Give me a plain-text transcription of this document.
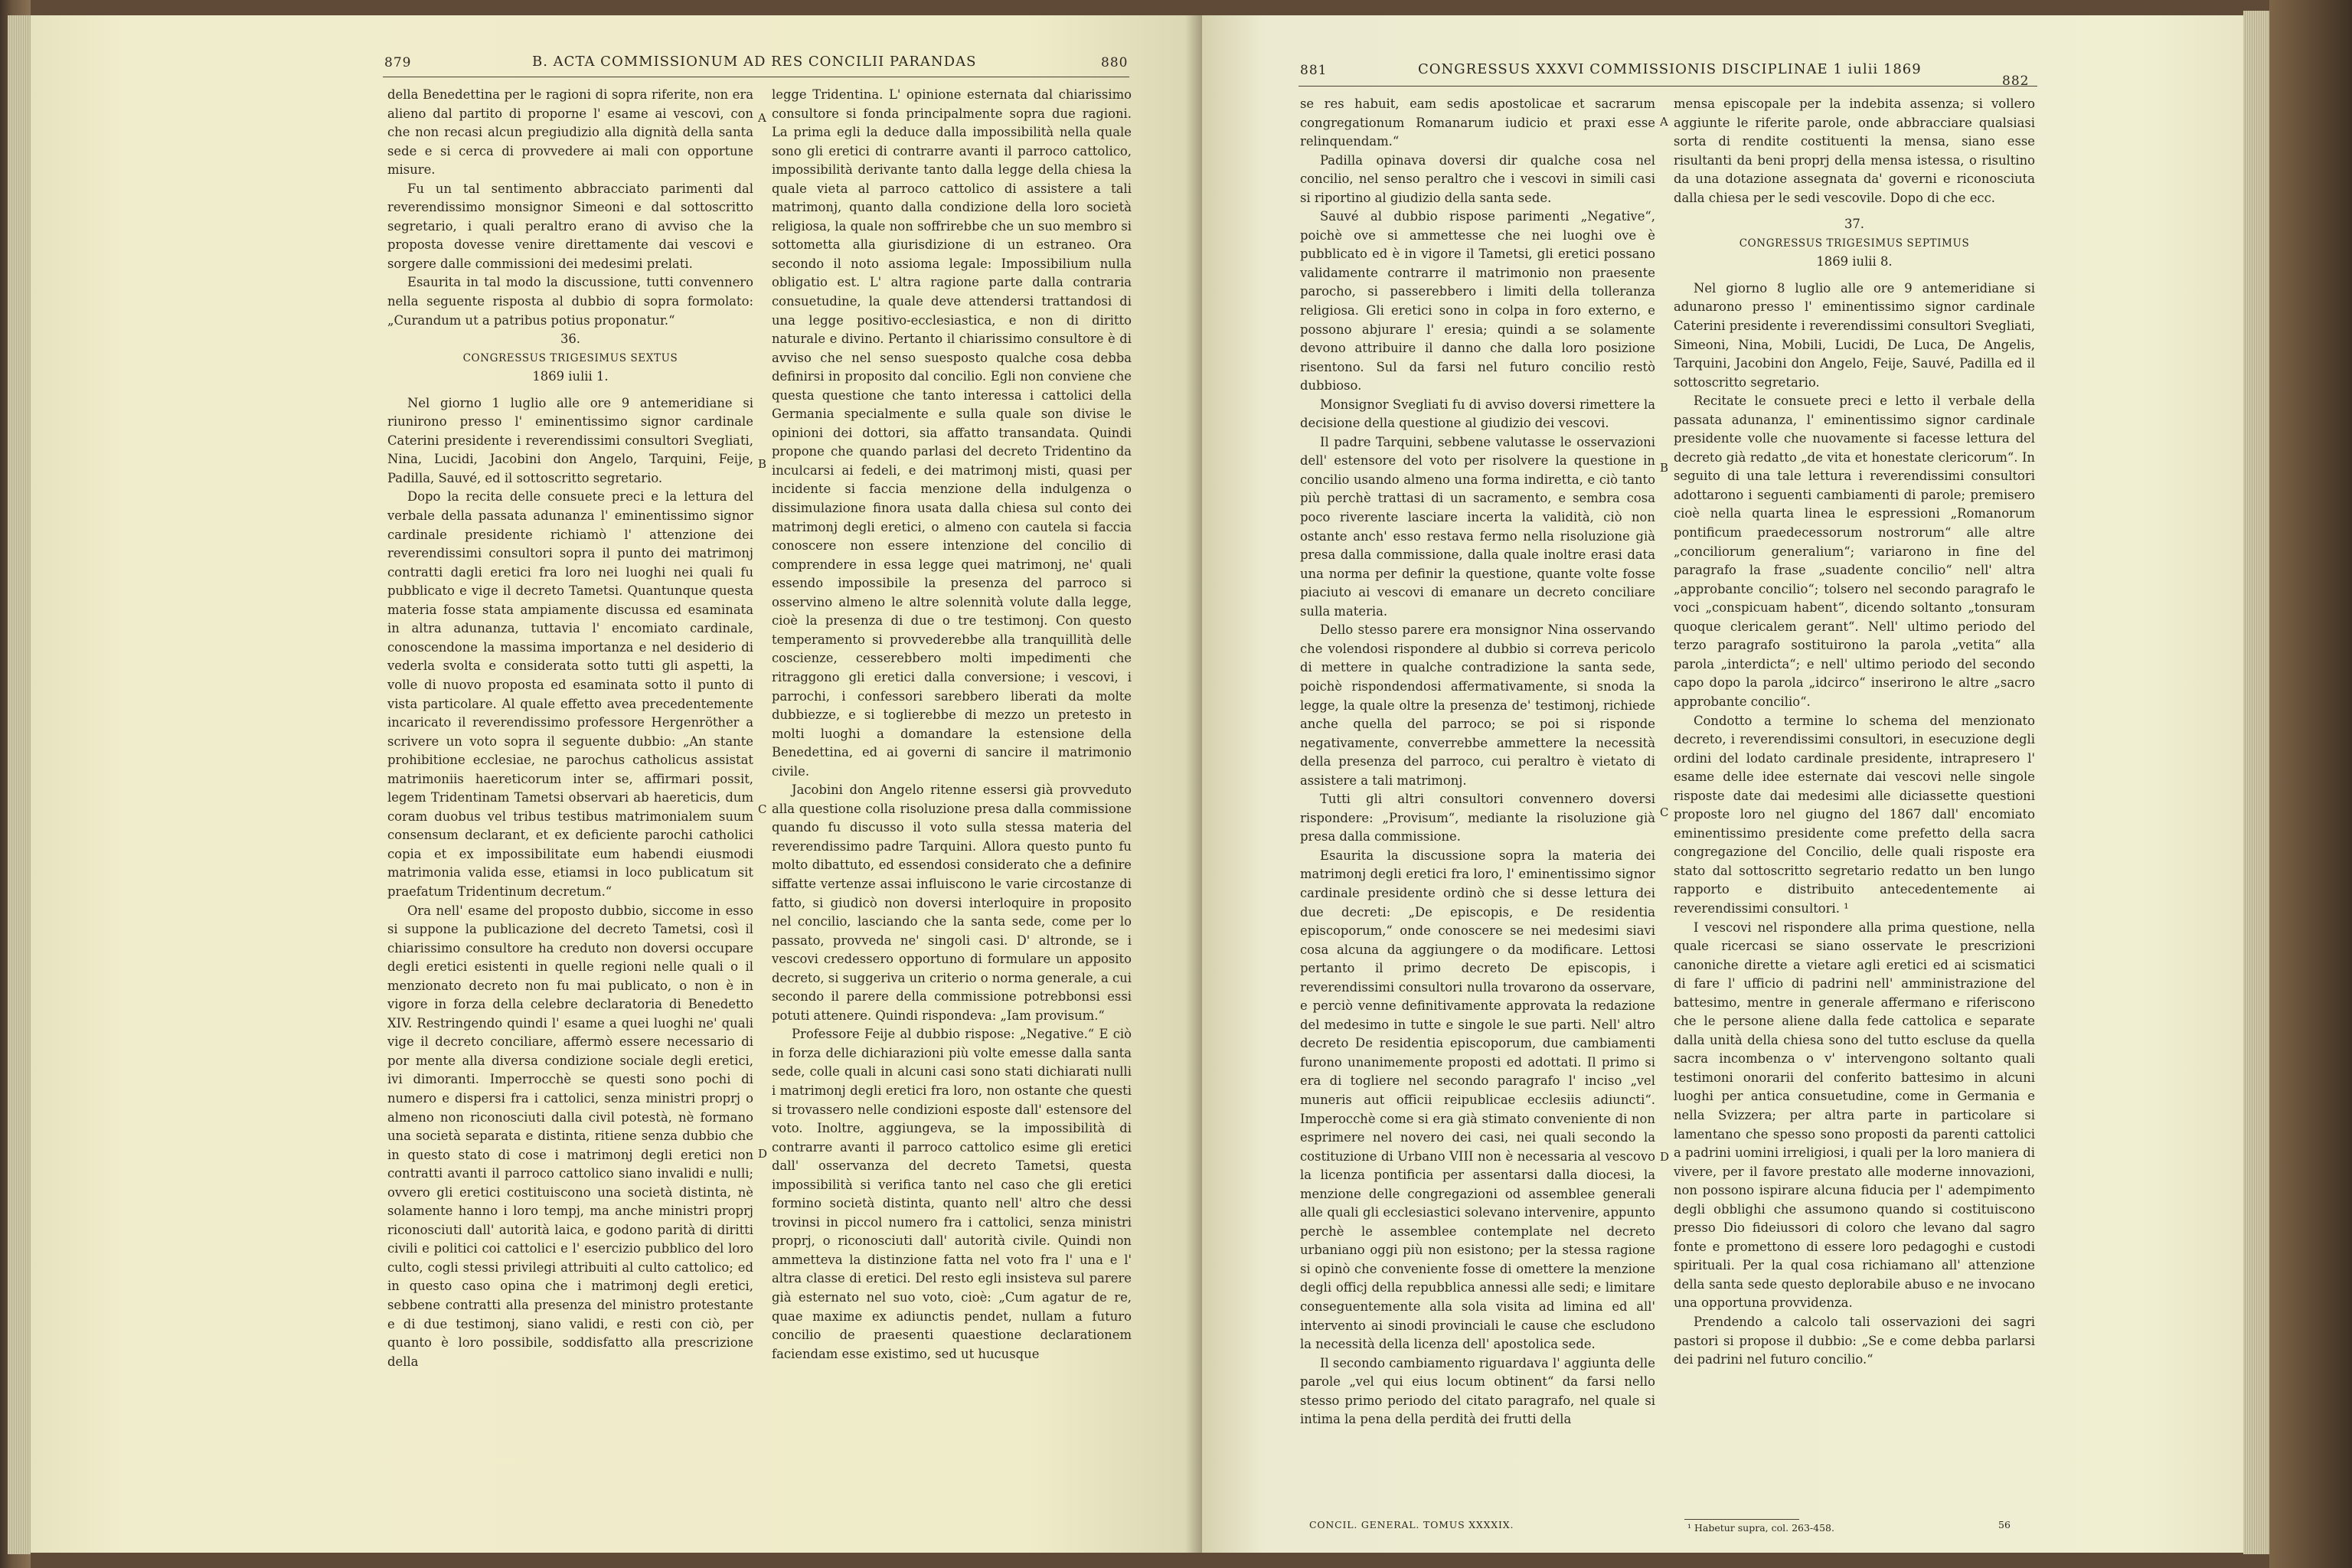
879	B. ACTA COMMISSIONUM AD RES CONCILII PARANDAS	880

della Benedettina per le ragioni di sopra riferite, non era alieno dal partito di proporne l' esame ai vescovi, con che non recasi alcun pregiudizio alla dignità della santa sede e si cerca di provvedere ai mali con opportune misure.

Fu un tal sentimento abbracciato parimenti dal reverendissimo monsignor Simeoni e dal sottoscritto segretario, i quali peraltro erano di avviso che la proposta dovesse venire direttamente dai vescovi e sorgere dalle commissioni dei medesimi prelati.

Esaurita in tal modo la discussione, tutti convennero nella seguente risposta al dubbio di sopra formolato: „Curandum ut a patribus potius proponatur.“

36.
CONGRESSUS TRIGESIMUS SEXTUS
1869 iulii 1.

Nel giorno 1 luglio alle ore 9 antemeridiane si riunirono presso l' eminentissimo signor cardinale Caterini presidente i reverendissimi consultori Svegliati, Nina, Lucidi, Jacobini don Angelo, Tarquini, Feije, Padilla, Sauvé, ed il sottoscritto segretario.

Dopo la recita delle consuete preci e la lettura del verbale della passata adunanza l' eminentissimo signor cardinale presidente richiamò l' attenzione dei reverendissimi consultori sopra il punto dei matrimonj contratti dagli eretici fra loro nei luoghi nei quali fu pubblicato e vige il decreto Tametsi. Quantunque questa materia fosse stata ampiamente discussa ed esaminata in altra adunanza, tuttavia l' encomiato cardinale, conoscendone la massima importanza e nel desiderio di vederla svolta e considerata sotto tutti gli aspetti, la volle di nuovo proposta ed esaminata sotto il punto di vista particolare. Al quale effetto avea precedentemente incaricato il reverendissimo professore Hergenröther a scrivere un voto sopra il seguente dubbio: „An stante prohibitione ecclesiae, ne parochus catholicus assistat matrimoniis haereticorum inter se, affirmari possit, legem Tridentinam Tametsi observari ab haereticis, dum coram duobus vel tribus testibus matrimonialem suum consensum declarant, et ex deficiente parochi catholici copia et ex impossibilitate eum habendi eiusmodi matrimonia valida esse, etiamsi in loco publicatum sit praefatum Tridentinum decretum.“

Ora nell' esame del proposto dubbio, siccome in esso si suppone la publicazione del decreto Tametsi, così il chiarissimo consultore ha creduto non doversi occupare degli eretici esistenti in quelle regioni nelle quali o il menzionato decreto non fu mai publicato, o non è in vigore in forza della celebre declaratoria di Benedetto XIV. Restringendo quindi l' esame a quei luoghi ne' quali vige il decreto conciliare, affermò essere necessario di por mente alla diversa condizione sociale degli eretici, ivi dimoranti. Imperrocchè se questi sono pochi di numero e dispersi fra i cattolici, senza ministri proprj o almeno non riconosciuti dalla civil potestà, nè formano una società separata e distinta, ritiene senza dubbio che in questo stato di cose i matrimonj degli eretici non contratti avanti il parroco cattolico siano invalidi e nulli; ovvero gli eretici costituiscono una società distinta, nè solamente hanno i loro tempj, ma anche ministri proprj riconosciuti dall' autorità laica, e godono parità di diritti civili e politici coi cattolici e l' esercizio pubblico del loro culto, cogli stessi privilegi attribuiti al culto cattolico; ed in questo caso opina che i matrimonj degli eretici, sebbene contratti alla presenza del ministro protestante e di due testimonj, siano validi, e resti con ciò, per quanto è loro possibile, soddisfatto alla prescrizione della

A
B
C
D

legge Tridentina. L' opinione esternata dal chiarissimo consultore si fonda principalmente sopra due ragioni. La prima egli la deduce dalla impossibilità nella quale sono gli eretici di contrarre avanti il parroco cattolico, impossibilità derivante tanto dalla legge della chiesa la quale vieta al parroco cattolico di assistere a tali matrimonj, quanto dalla condizione della loro società religiosa, la quale non soffrirebbe che un suo membro si sottometta alla giurisdizione di un estraneo. Ora secondo il noto assioma legale: Impossibilium nulla obligatio est. L' altra ragione parte dalla contraria consuetudine, la quale deve attendersi trattandosi di una legge positivo-ecclesiastica, e non di diritto naturale e divino. Pertanto il chiarissimo consultore è di avviso che nel senso suesposto qualche cosa debba definirsi in proposito dal concilio. Egli non conviene che questa questione che tanto interessa i cattolici della Germania specialmente e sulla quale son divise le opinioni dei dottori, sia affatto transandata. Quindi propone che quando parlasi del decreto Tridentino da inculcarsi ai fedeli, e dei matrimonj misti, quasi per incidente si faccia menzione della indulgenza o dissimulazione finora usata dalla chiesa sul conto dei matrimonj degli eretici, o almeno con cautela si faccia conoscere non essere intenzione del concilio di comprendere in essa legge quei matrimonj, ne' quali essendo impossibile la presenza del parroco si osservino almeno le altre solennità volute dalla legge, cioè la presenza di due o tre testimonj. Con questo temperamento si provvederebbe alla tranquillità delle coscienze, cesserebbero molti impedimenti che ritraggono gli eretici dalla conversione; i vescovi, i parrochi, i confessori sarebbero liberati da molte dubbiezze, e si toglierebbe di mezzo un pretesto in molti luoghi a domandare la estensione della Benedettina, ed ai governi di sancire il matrimonio civile.

Jacobini don Angelo ritenne essersi già provveduto alla questione colla risoluzione presa dalla commissione quando fu discusso il voto sulla stessa materia del reverendissimo padre Tarquini. Allora questo punto fu molto dibattuto, ed essendosi considerato che a definire siffatte vertenze assai influiscono le varie circostanze di fatto, si giudicò non doversi interloquire in proposito nel concilio, lasciando che la santa sede, come per lo passato, provveda ne' singoli casi. D' altronde, se i vescovi credessero opportuno di formulare un apposito decreto, si suggeriva un criterio o norma generale, a cui secondo il parere della commissione potrebbonsi essi potuti attenere. Quindi rispondeva: „Iam provisum.“

Professore Feije al dubbio rispose: „Negative.“ E ciò in forza delle dichiarazioni più volte emesse dalla santa sede, colle quali in alcuni casi sono stati dichiarati nulli i matrimonj degli eretici fra loro, non ostante che questi si trovassero nelle condizioni esposte dall' estensore del voto. Inoltre, aggiungeva, se la impossibilità di contrarre avanti il parroco cattolico esime gli eretici dall' osservanza del decreto Tametsi, questa impossibilità si verifica tanto nel caso che gli eretici formino società distinta, quanto nell' altro che dessi trovinsi in piccol numero fra i cattolici, senza ministri proprj, o riconosciuti dall' autorità civile. Quindi non ammetteva la distinzione fatta nel voto fra l' una e l' altra classe di eretici. Del resto egli insisteva sul parere già esternato nel suo voto, cioè: „Cum agatur de re, quae maxime ex adiunctis pendet, nullam a futuro concilio de praesenti quaestione declarationem faciendam esse existimo, sed ut hucusque

881	CONGRESSUS XXXVI COMMISSIONIS DISCIPLINAE 1 iulii 1869
882

se res habuit, eam sedis apostolicae et sacrarum congregationum Romanarum iudicio et praxi esse relinquendam.“

Padilla opinava doversi dir qualche cosa nel concilio, nel senso peraltro che i vescovi in simili casi si riportino al giudizio della santa sede.

Sauvé al dubbio rispose parimenti „Negative“, poichè ove si ammettesse che nei luoghi ove è pubblicato ed è in vigore il Tametsi, gli eretici possano validamente contrarre il matrimonio non praesente parocho, si passerebbero i limiti della tolleranza religiosa. Gli eretici sono in colpa in foro externo, e possono abjurare l' eresia; quindi a se solamente devono attribuire il danno che dalla loro posizione risentono. Sul da farsi nel futuro concilio restò dubbioso.

Monsignor Svegliati fu di avviso doversi rimettere la decisione della questione al giudizio dei vescovi.

Il padre Tarquini, sebbene valutasse le osservazioni dell' estensore del voto per risolvere la questione in concilio usando almeno una forma indiretta, e ciò tanto più perchè trattasi di un sacramento, e sembra cosa poco riverente lasciare incerta la validità, ciò non ostante anch' esso restava fermo nella risoluzione già presa dalla commissione, dalla quale inoltre erasi data una norma per definir la questione, quante volte fosse piaciuto ai vescovi di emanare un decreto conciliare sulla materia.

Dello stesso parere era monsignor Nina osservando che volendosi rispondere al dubbio si correva pericolo di mettere in qualche contradizione la santa sede, poichè rispondendosi affermativamente, si snoda la legge, la quale oltre la presenza de' testimonj, richiede anche quella del parroco; se poi si risponde negativamente, converrebbe ammettere la necessità della presenza del parroco, cui peraltro è vietato di assistere a tali matrimonj.

Tutti gli altri consultori convennero doversi rispondere: „Provisum“, mediante la risoluzione già presa dalla commissione.

Esaurita la discussione sopra la materia dei matrimonj degli eretici fra loro, l' eminentissimo signor cardinale presidente ordinò che si desse lettura dei due decreti: „De episcopis, e De residentia episcoporum,“ onde conoscere se nei medesimi siavi cosa alcuna da aggiungere o da modificare. Lettosi pertanto il primo decreto De episcopis, i reverendissimi consultori nulla trovarono da osservare, e perciò venne definitivamente approvata la redazione del medesimo in tutte e singole le sue parti. Nell' altro decreto De residentia episcoporum, due cambiamenti furono unanimemente proposti ed adottati. Il primo si era di togliere nel secondo paragrafo l' inciso „vel muneris aut officii reipublicae ecclesiis adiuncti“. Imperocchè come si era già stimato conveniente di non esprimere nel novero dei casi, nei quali secondo la costituzione di Urbano VIII non è necessaria al vescovo la licenza pontificia per assentarsi dalla diocesi, la menzione delle congregazioni od assemblee generali alle quali gli ecclesiastici solevano intervenire, appunto perchè le assemblee contemplate nel decreto urbaniano oggi più non esistono; per la stessa ragione si opinò che conveniente fosse di omettere la menzione degli officj della repubblica annessi alle sedi; e limitare conseguentemente alla sola visita ad limina ed all' intervento ai sinodi provinciali le cause che escludono la necessità della licenza dell' apostolica sede.

Il secondo cambiamento riguardava l' aggiunta delle parole „vel qui eius locum obtinent“ da farsi nello stesso primo periodo del citato paragrafo, nel quale si intima la pena della perdità dei frutti della

A
B
C
D

mensa episcopale per la indebita assenza; si vollero aggiunte le riferite parole, onde abbracciare qualsiasi sorta di rendite costituenti la mensa, siano esse risultanti da beni proprj della mensa istessa, o risultino da una dotazione assegnata da' governi e riconosciuta dalla chiesa per le sedi vescovile. Dopo di che ecc.

37.
CONGRESSUS TRIGESIMUS SEPTIMUS
1869 iulii 8.

Nel giorno 8 luglio alle ore 9 antemeridiane si adunarono presso l' eminentissimo signor cardinale Caterini presidente i reverendissimi consultori Svegliati, Simeoni, Nina, Mobili, Lucidi, De Luca, De Angelis, Tarquini, Jacobini don Angelo, Feije, Sauvé, Padilla ed il sottoscritto segretario.

Recitate le consuete preci e letto il verbale della passata adunanza, l' eminentissimo signor cardinale presidente volle che nuovamente si facesse lettura del decreto già redatto „de vita et honestate clericorum“. In seguito di una tale lettura i reverendissimi consultori adottarono i seguenti cambiamenti di parole; premisero cioè nella quarta linea le espressioni „Romanorum pontificum praedecessorum nostrorum“ alle altre „conciliorum generalium“; variarono in fine del paragrafo la frase „suadente concilio“ nell' altra „approbante concilio“; tolsero nel secondo paragrafo le voci „conspicuam habent“, dicendo soltanto „tonsuram quoque clericalem gerant“. Nell' ultimo periodo del terzo paragrafo sostituirono la parola „vetita“ alla parola „interdicta“; e nell' ultimo periodo del secondo capo dopo la parola „idcirco“ inserirono le altre „sacro approbante concilio“.

Condotto a termine lo schema del menzionato decreto, i reverendissimi consultori, in esecuzione degli ordini del lodato cardinale presidente, intrapresero l' esame delle idee esternate dai vescovi nelle singole risposte date dai medesimi alle diciassette questioni proposte loro nel giugno del 1867 dall' encomiato eminentissimo presidente come prefetto della sacra congregazione del Concilio, delle quali risposte era stato dal sottoscritto segretario redatto un ben lungo rapporto e distribuito antecedentemente ai reverendissimi consultori. ¹

I vescovi nel rispondere alla prima questione, nella quale ricercasi se siano osservate le prescrizioni canoniche dirette a vietare agli eretici ed ai scismatici di fare l' ufficio di padrini nell' amministrazione del battesimo, mentre in generale affermano e riferiscono che le persone aliene dalla fede cattolica e separate dalla unità della chiesa sono del tutto escluse da quella sacra incombenza o v' intervengono soltanto quali testimoni onorarii del conferito battesimo in alcuni luoghi per antica consuetudine, come in Germania e nella Svizzera; per altra parte in particolare si lamentano che spesso sono proposti da parenti cattolici a padrini uomini irreligiosi, i quali per la loro maniera di vivere, per il favore prestato alle moderne innovazioni, non possono ispirare alcuna fiducia per l' adempimento degli obblighi che assumono quando si costituiscono presso Dio fideiussori di coloro che levano dal sagro fonte e promettono di essere loro pedagoghi e custodi spirituali. Per la qual cosa richiamano all' attenzione della santa sede questo deplorabile abuso e ne invocano una opportuna provvidenza.

Prendendo a calcolo tali osservazioni dei sagri pastori si propose il dubbio: „Se e come debba parlarsi dei padrini nel futuro concilio.“

¹ Habetur supra, col. 263-458.
CONCIL. GENERAL. TOMUS XXXXIX.	56
